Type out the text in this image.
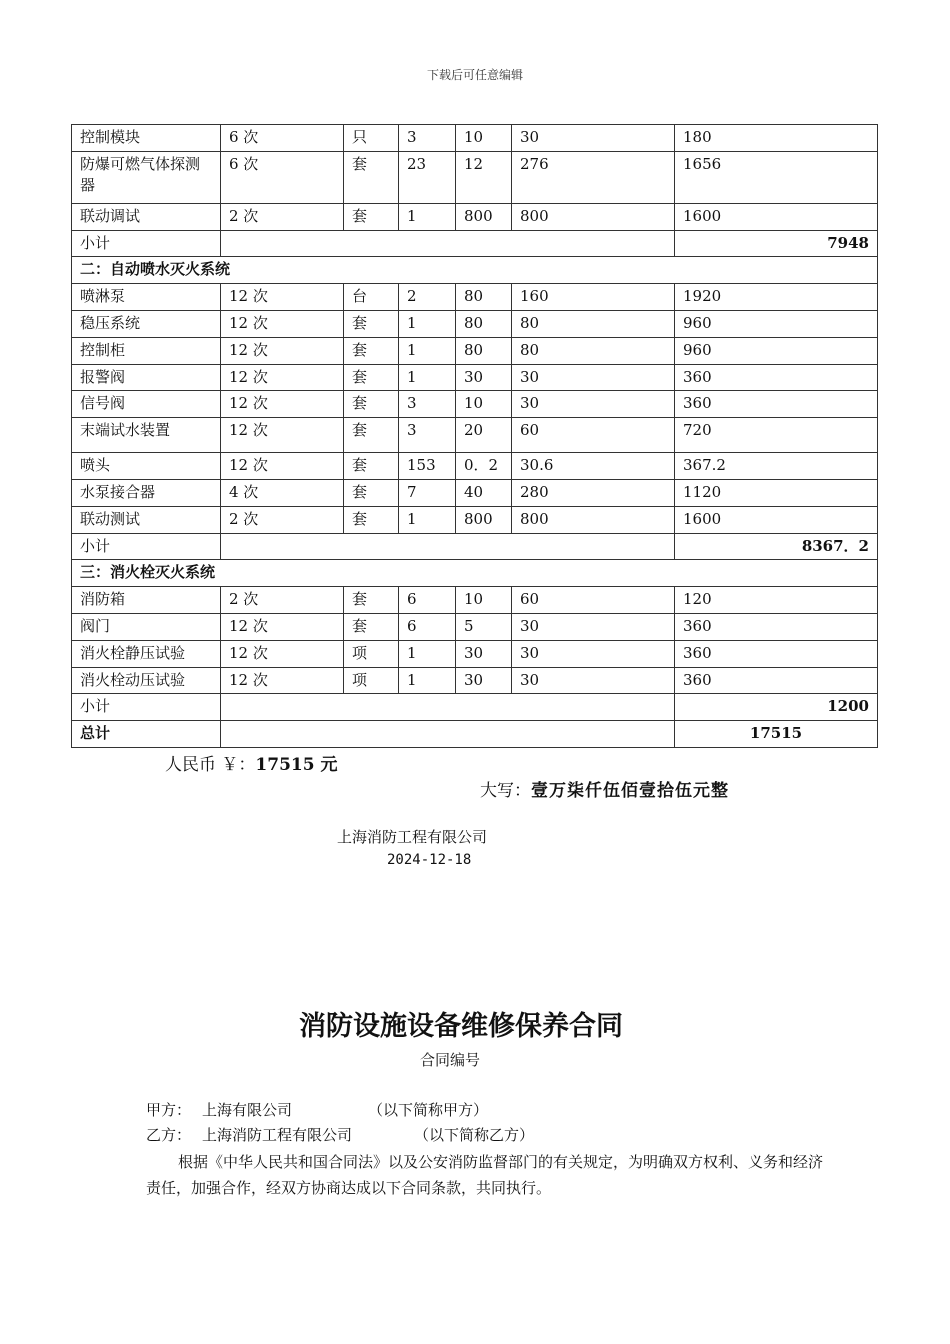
下载后可任意编辑
控制模块	6 次	只	3	10	30	180
防爆可燃气体探测器	6 次	套	23	12	276	1656
联动调试	2 次	套	1	800	800	1600
小计						7948
二：自动喷水灭火系统						
喷淋泵	12 次	台	2	80	160	1920
稳压系统	12 次	套	1	80	80	960
控制柜	12 次	套	1	80	80	960
报警阀	12 次	套	1	30	30	360
信号阀	12 次	套	3	10	30	360
末端试水装置	12 次	套	3	20	60	720
喷头	12 次	套	153	0．2	30.6	367.2
水泵接合器	4 次	套	7	40	280	1120
联动测试	2 次	套	1	800	800	1600
小计						8367．2
三：消火栓灭火系统						
消防箱	2 次	套	6	10	60	120
阀门	12 次	套	6	5	30	360
消火栓静压试验	12 次	项	1	30	30	360
消火栓动压试验	12 次	项	1	30	30	360
小计						1200
总计						17515
人民币 ￥：17515 元
大写：壹万柒仟伍佰壹拾伍元整
上海消防工程有限公司
2024-12-18
消防设施设备维修保养合同
合同编号
甲方： 上海有限公司	（以下简称甲方）
乙方： 上海消防工程有限公司	（以下简称乙方）
根据《中华人民共和国合同法》以及公安消防监督部门的有关规定，为明确双方权利、义务和经济责任，加强合作，经双方协商达成以下合同条款，共同执行。
